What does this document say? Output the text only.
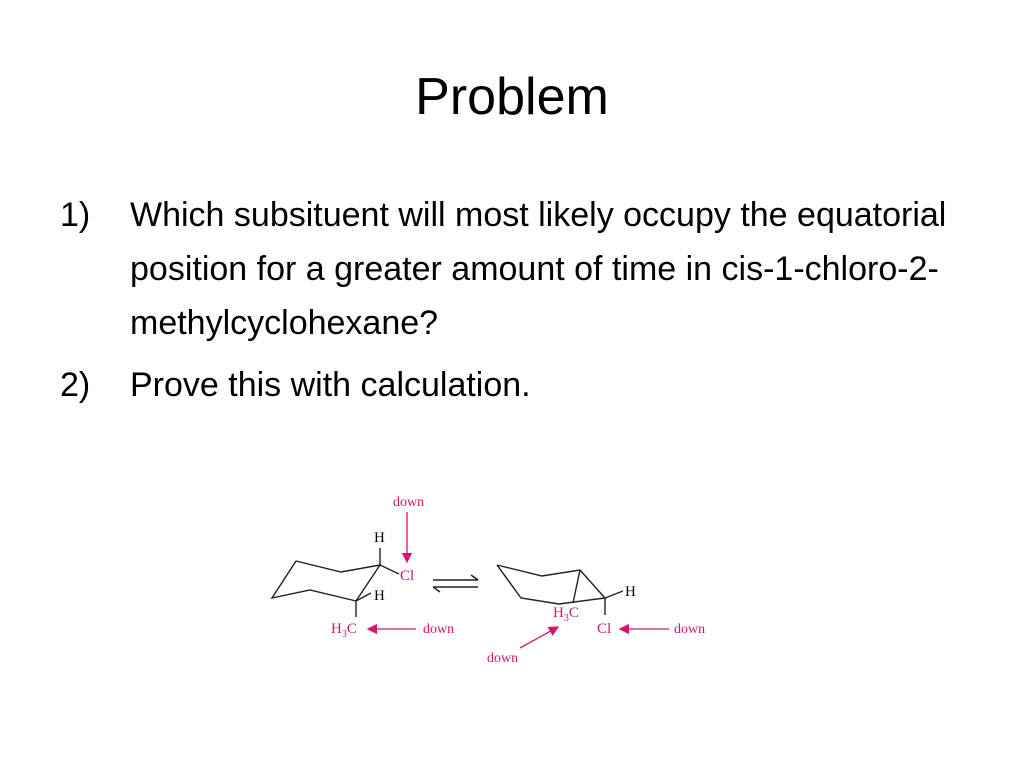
Problem
1) Which subsituent will most likely occupy the equatorial position for a greater amount of time in cis-1-chloro-2-methylcyclohexane?
2) Prove this with calculation.
H
Cl
H
$H_3C$
down
down
H
$H_3C$
Cl
down
down
